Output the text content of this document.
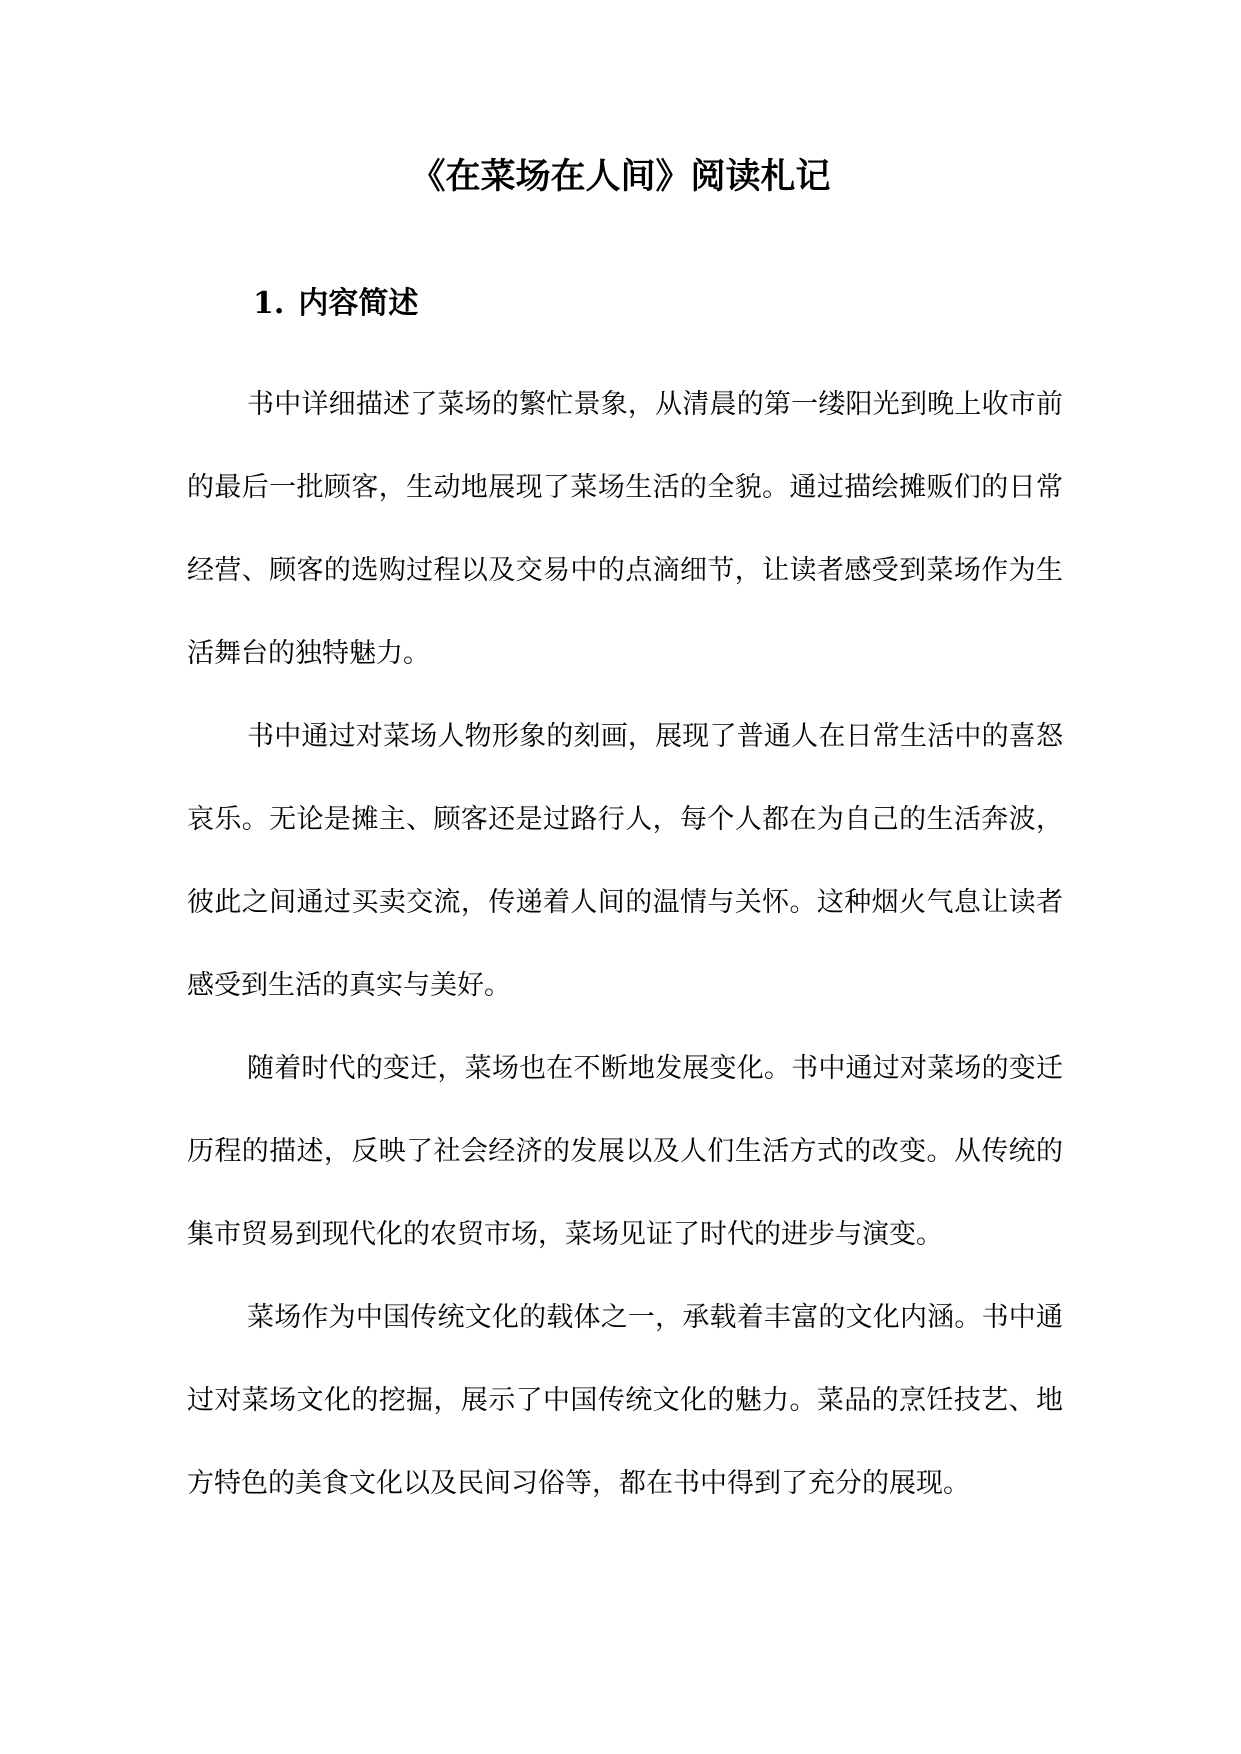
《在菜场在人间》阅读札记
1. 内容简述

书中详细描述了菜场的繁忙景象，从清晨的第一缕阳光到晚上收市前的最后一批顾客，生动地展现了菜场生活的全貌。通过描绘摊贩们的日常经营、顾客的选购过程以及交易中的点滴细节，让读者感受到菜场作为生活舞台的独特魅力。

书中通过对菜场人物形象的刻画，展现了普通人在日常生活中的喜怒哀乐。无论是摊主、顾客还是过路行人，每个人都在为自己的生活奔波，彼此之间通过买卖交流，传递着人间的温情与关怀。这种烟火气息让读者感受到生活的真实与美好。

随着时代的变迁，菜场也在不断地发展变化。书中通过对菜场的变迁历程的描述，反映了社会经济的发展以及人们生活方式的改变。从传统的集市贸易到现代化的农贸市场，菜场见证了时代的进步与演变。

菜场作为中国传统文化的载体之一，承载着丰富的文化内涵。书中通过对菜场文化的挖掘，展示了中国传统文化的魅力。菜品的烹饪技艺、地方特色的美食文化以及民间习俗等，都在书中得到了充分的展现。
